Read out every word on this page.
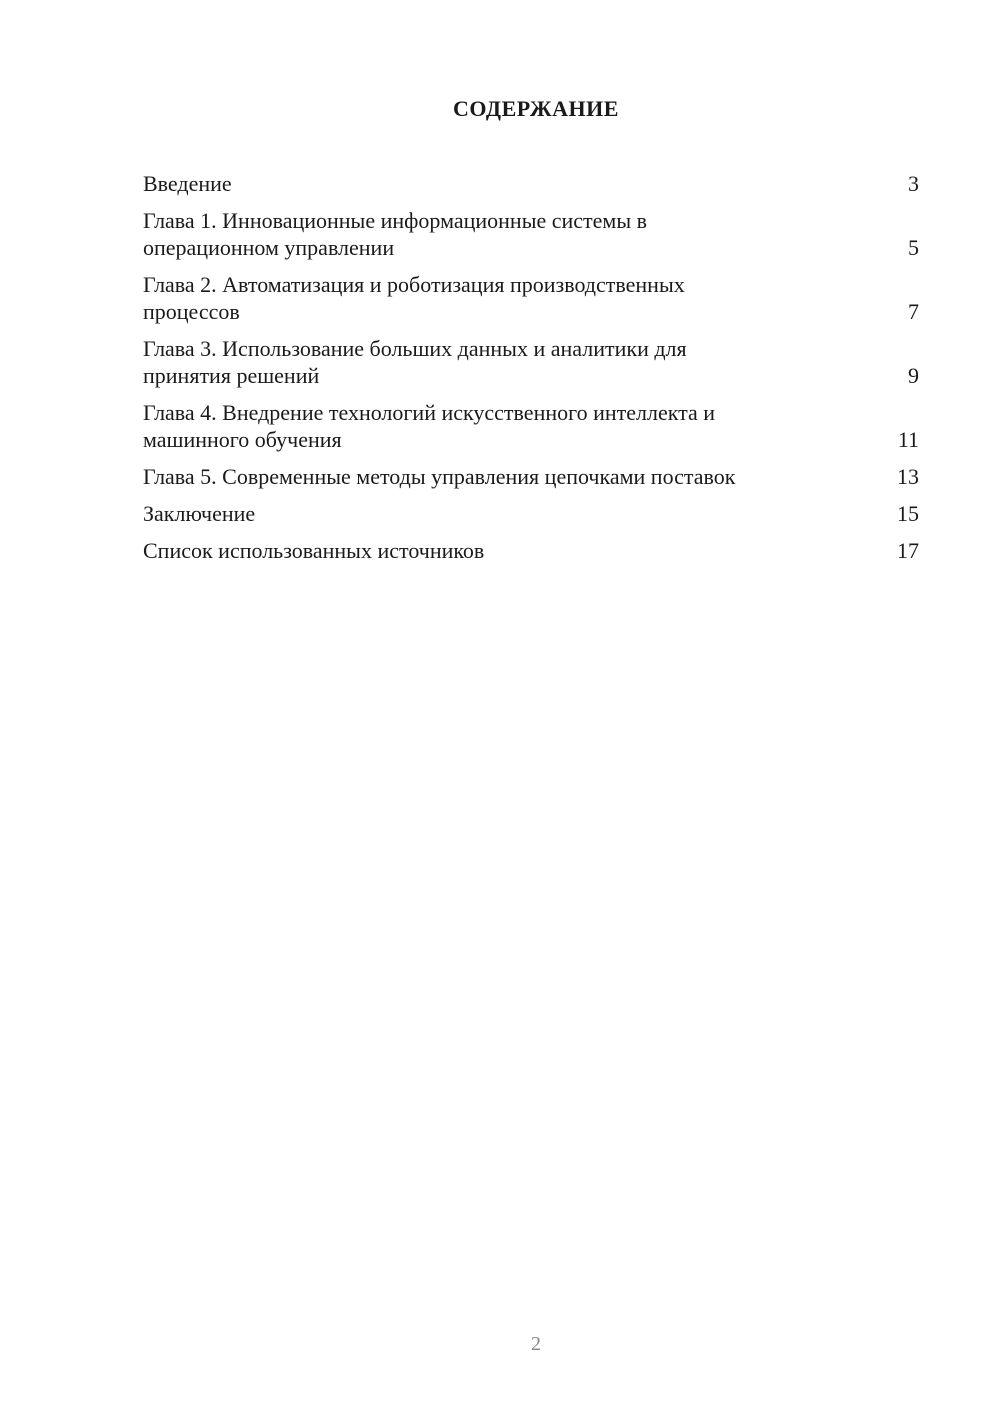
СОДЕРЖАНИЕ
Введение	3
Глава 1. Инновационные информационные системы в
операционном управлении	5
Глава 2. Автоматизация и роботизация производственных
процессов	7
Глава 3. Использование больших данных и аналитики для
принятия решений	9
Глава 4. Внедрение технологий искусственного интеллекта и
машинного обучения	11
Глава 5. Современные методы управления цепочками поставок	13
Заключение	15
Список использованных источников	17
2
